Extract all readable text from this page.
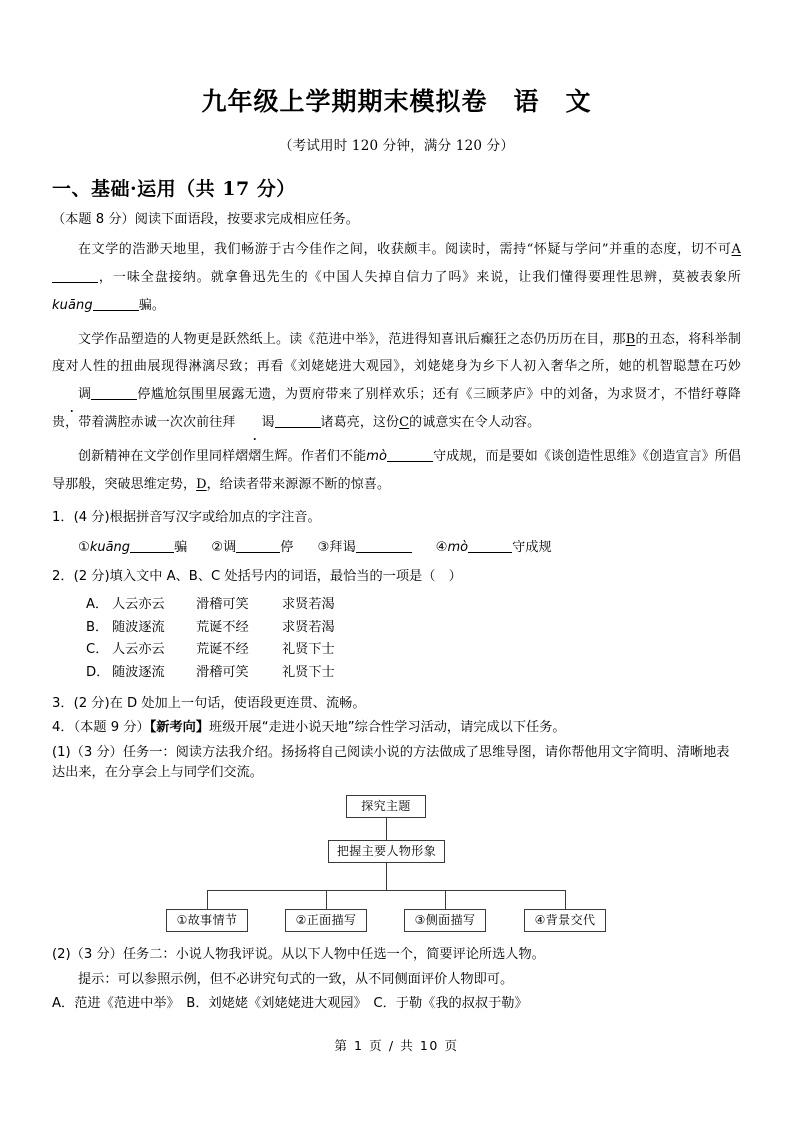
九年级上学期期末模拟卷　语　文

（考试用时 120 分钟，满分 120 分）

一、基础·运用（共 17 分）

（本题 8 分）阅读下面语段，按要求完成相应任务。

在文学的浩渺天地里，我们畅游于古今佳作之间，收获颇丰。阅读时，需持“怀疑与学问”并重的态度，切不可A，一味全盘接纳。就拿鲁迅先生的《中国人失掉自信力了吗》来说，让我们懂得要理性思辨，莫被表象所kuāng	骗。

文学作品塑造的人物更是跃然纸上。读《范进中举》，范进得知喜讯后癫狂之态仍历历在目，那B的丑态，将科举制度对人性的扭曲展现得淋漓尽致；再看《刘姥姥进大观园》，刘姥姥身为乡下人初入奢华之所，她的机智聪慧在巧妙调	停尴尬氛围里展露无遗，为贾府带来了别样欢乐；还有《三顾茅庐》中的刘备，为求贤才，不惜纡尊降贵，带着满腔赤诚一次次前往拜 谒	诸葛亮，这份C的诚意实在令人动容。

创新精神在文学创作里同样熠熠生辉。作者们不能mò	守成规，而是要如《谈创造性思维》《创造宣言》所倡导那般，突破思维定势，D，给读者带来源源不断的惊喜。

1．(4 分)根据拼音写汉字或给加点的字注音。

①kuāng	骗 ②调	停 ③拜谒	④mò	守成规

2．(2 分)填入文中 A、B、C 处括号内的词语，最恰当的一项是（　）

A． 人云亦云 滑稽可笑	求贤若渴
B． 随波逐流 荒诞不经	求贤若渴
C． 人云亦云 荒诞不经	礼贤下士
D． 随波逐流 滑稽可笑	礼贤下士

3．(2 分)在 D 处加上一句话，使语段更连贯、流畅。

4．（本题 9 分）【新考向】班级开展“走进小说天地”综合性学习活动，请完成以下任务。

(1)（3 分）任务一：阅读方法我介绍。扬扬将自己阅读小说的方法做成了思维导图，请你帮他用文字简明、清晰地表达出来，在分享会上与同学们交流。

探究主题
把握主要人物形象
①故事情节	②正面描写	③侧面描写	④背景交代

(2)（3 分）任务二：小说人物我评说。从以下人物中任选一个，简要评论所选人物。

提示：可以参照示例，但不必讲究句式的一致，从不同侧面评价人物即可。

A．范进《范进中举》　B．刘姥姥《刘姥姥进大观园》　C．于勒《我的叔叔于勒》

第 1 页 / 共 10 页
